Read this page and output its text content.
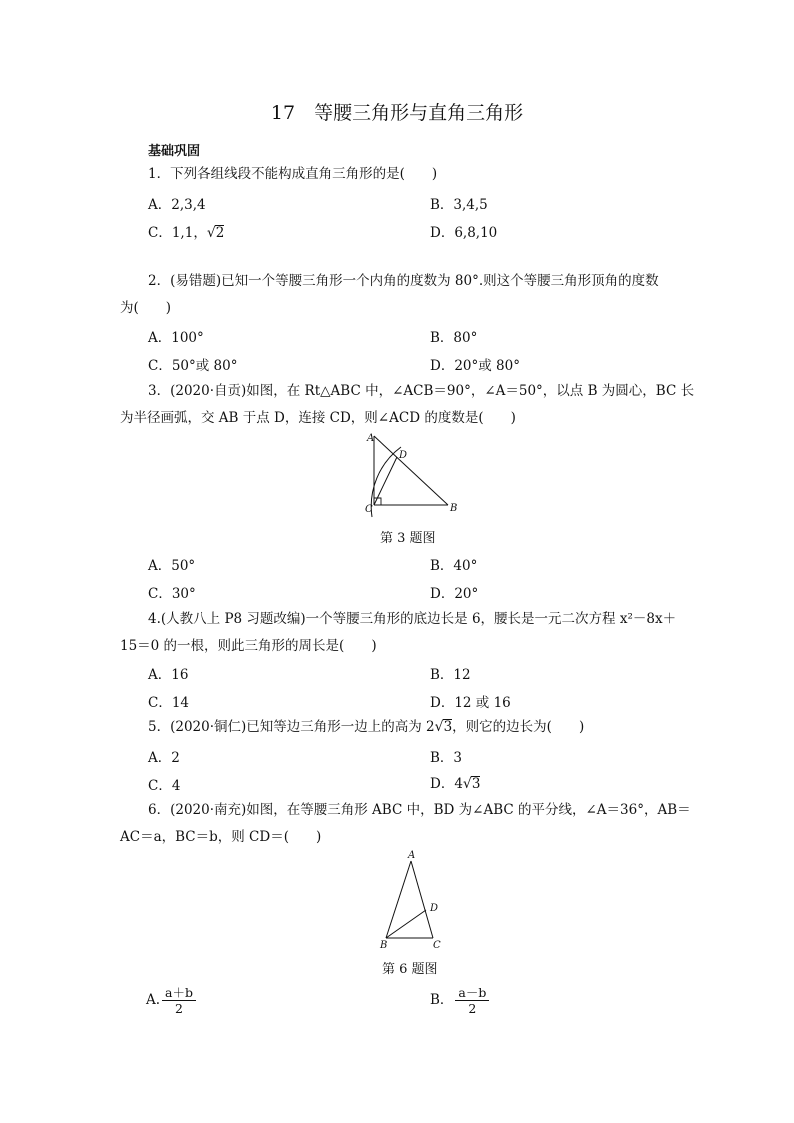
17　等腰三角形与直角三角形
基础巩固
1．下列各组线段不能构成直角三角形的是(　　)
A．2,3,4	B．3,4,5
C．1,1，√2	D．6,8,10
2．(易错题)已知一个等腰三角形一个内角的度数为 80°.则这个等腰三角形顶角的度数
为(　　)
A．100°	B．80°
C．50°或 80°	D．20°或 80°
3．(2020·自贡)如图，在 Rt△ABC 中，∠ACB＝90°，∠A＝50°，以点 B 为圆心，BC 长
为半径画弧，交 AB 于点 D，连接 CD，则∠ACD 的度数是(　　)
A
D
C	B
第 3 题图
A．50°	B．40°
C．30°	D．20°
4.(人教八上 P8 习题改编)一个等腰三角形的底边长是 6，腰长是一元二次方程 x²－8x＋
15＝0 的一根，则此三角形的周长是(　　)
A．16	B．12
C．14	D．12 或 16
5．(2020·铜仁)已知等边三角形一边上的高为 2√3，则它的边长为(　　)
A．2	B．3
C．4	D．4√3
6．(2020·南充)如图，在等腰三角形 ABC 中，BD 为∠ABC 的平分线，∠A＝36°，AB＝
AC＝a，BC＝b，则 CD＝(　　)
A
D
B	C
第 6 题图
A. $\frac{a+b}{2}$	B． $\frac{a-b}{2}$
